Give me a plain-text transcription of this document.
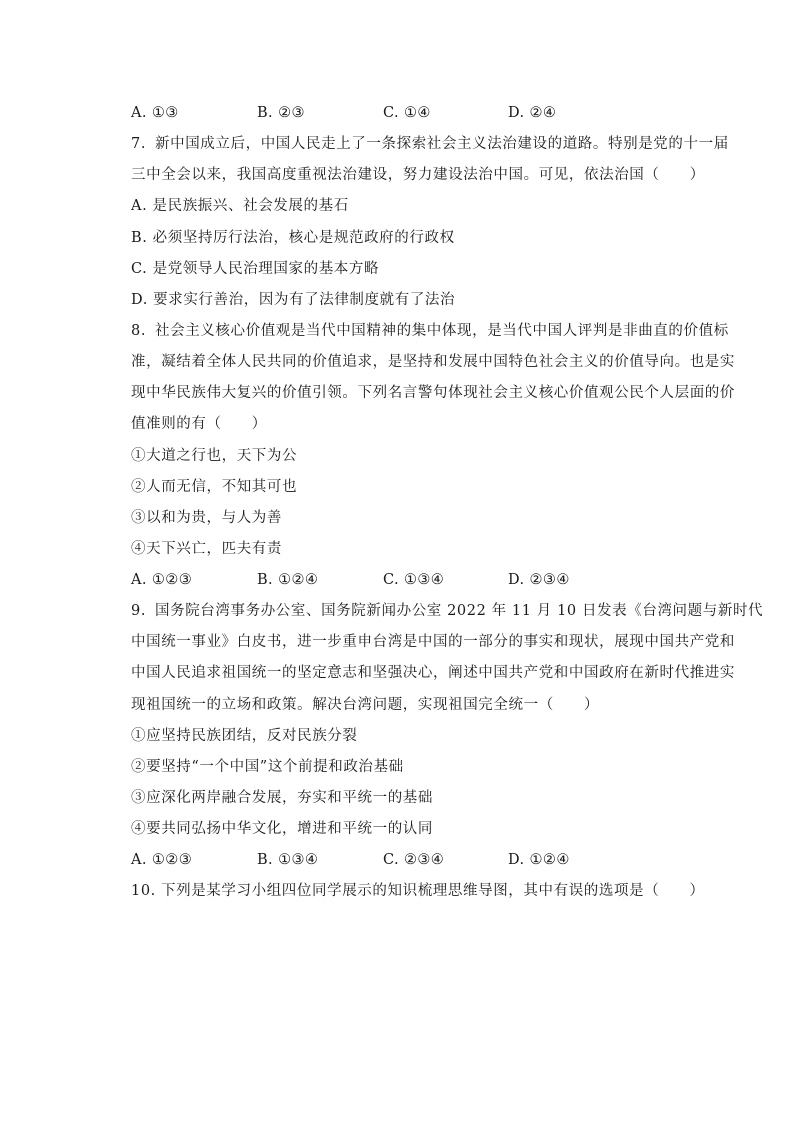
A. ①③	B. ②③	C. ①④	D. ②④
7. 新中国成立后，中国人民走上了一条探索社会主义法治建设的道路。特别是党的十一届
三中全会以来，我国高度重视法治建设，努力建设法治中国。可见，依法治国（　　）
A. 是民族振兴、社会发展的基石
B. 必须坚持厉行法治，核心是规范政府的行政权
C. 是党领导人民治理国家的基本方略
D. 要求实行善治，因为有了法律制度就有了法治
8. 社会主义核心价值观是当代中国精神的集中体现，是当代中国人评判是非曲直的价值标
准，凝结着全体人民共同的价值追求，是坚持和发展中国特色社会主义的价值导向。也是实
现中华民族伟大复兴的价值引领。下列名言警句体现社会主义核心价值观公民个人层面的价
值准则的有（　　）
①大道之行也，天下为公
②人而无信，不知其可也
③以和为贵，与人为善
④天下兴亡，匹夫有责
A. ①②③	B. ①②④	C. ①③④	D. ②③④
9. 国务院台湾事务办公室、国务院新闻办公室 2022 年 11 月 10 日发表《台湾问题与新时代
中国统一事业》白皮书，进一步重申台湾是中国的一部分的事实和现状，展现中国共产党和
中国人民追求祖国统一的坚定意志和坚强决心，阐述中国共产党和中国政府在新时代推进实
现祖国统一的立场和政策。解决台湾问题，实现祖国完全统一（　　）
①应坚持民族团结，反对民族分裂
②要坚持“一个中国”这个前提和政治基础
③应深化两岸融合发展，夯实和平统一的基础
④要共同弘扬中华文化，增进和平统一的认同
A. ①②③	B. ①③④	C. ②③④	D. ①②④
10. 下列是某学习小组四位同学展示的知识梳理思维导图，其中有误的选项是（　　）
